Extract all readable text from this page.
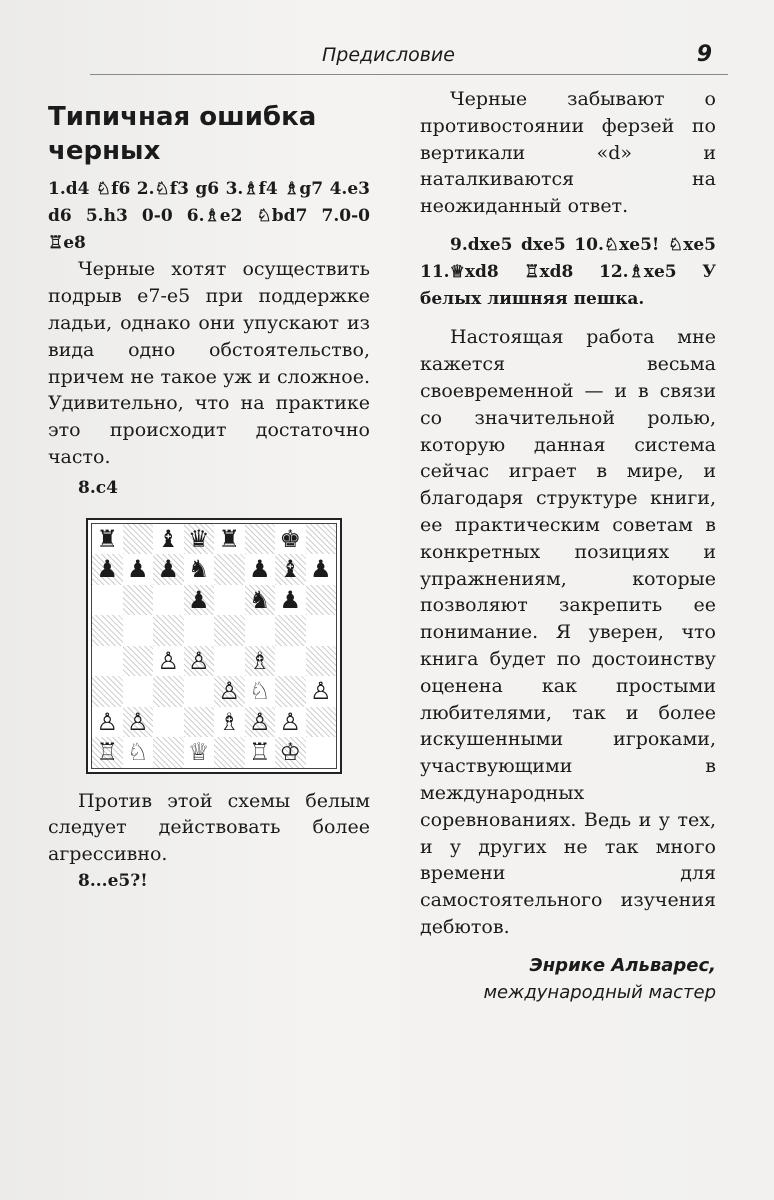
Предисловие	9
Типичная ошибка черных

1.d4 ♘f6 2.♘f3 g6 3.♗f4 ♗g7 4.e3 d6 5.h3 0-0 6.♗e2 ♘bd7 7.0-0 ♖e8

Черные хотят осуществить подрыв е7-е5 при поддержке ладьи, однако они упускают из вида одно обстоятельство, причем не такое уж и сложное. Удивительно, что на практике это происходит достаточно часто.

8.c4

♜ ♝ ♛ ♜ ♚
♟ ♟ ♟ ♞ ♟ ♝ ♟
♟ ♞ ♟
♙ ♙ ♗
♙ ♘ ♙
♙ ♙	♗ ♙ ♙
♖ ♘ ♕ ♖ ♔

Против этой схемы белым следует действовать более агрессивно.

8...e5?!

Черные забывают о противостоянии ферзей по вертикали «d» и наталкиваются на неожиданный ответ.

9.dxe5 dxe5 10.♘xe5! ♘xe5 11.♕xd8 ♖xd8 12.♗xe5 У белых лишняя пешка.

Настоящая работа мне кажется весьма своевременной — и в связи со значительной ролью, которую данная система сейчас играет в мире, и благодаря структуре книги, ее практическим советам в конкретных позициях и упражнениям, которые позволяют закрепить ее понимание. Я уверен, что книга будет по достоинству оценена как простыми любителями, так и более искушенными игроками, участвующими в международных соревнованиях. Ведь и у тех, и у других не так много времени для самостоятельного изучения дебютов.

Энрике Альварес,

международный мастер
